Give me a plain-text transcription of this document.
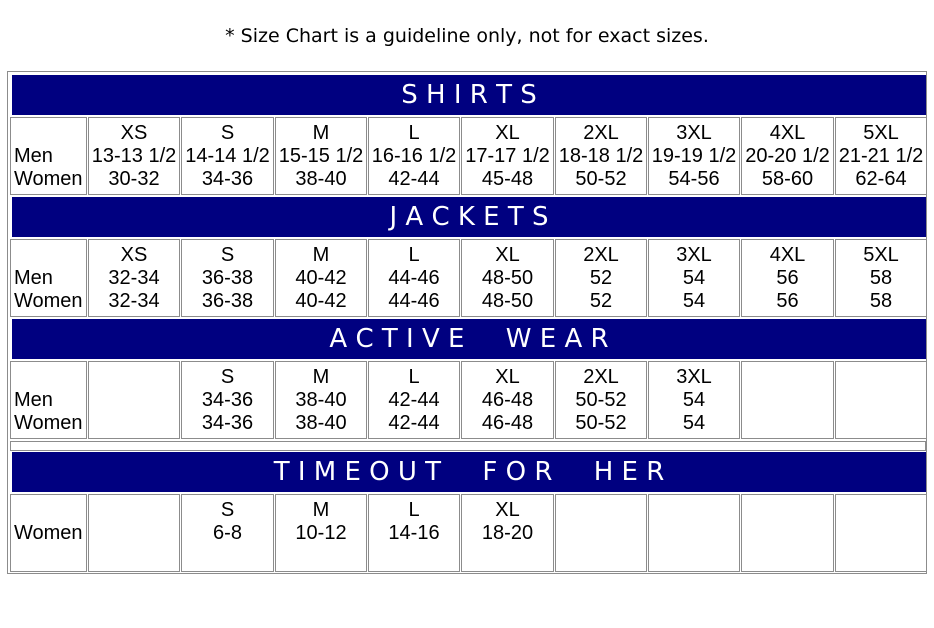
* Size Chart is a guideline only, not for exact sizes.
S H I R T S
Men
Women
XS
13-13 1/2
30-32
S
14-14 1/2
34-36
M
15-15 1/2
38-40
L
16-16 1/2
42-44
XL
17-17 1/2
45-48
2XL
18-18 1/2
50-52
3XL
19-19 1/2
54-56
4XL
20-20 1/2
58-60
5XL
21-21 1/2
62-64
J A C K E T S
Men
Women
XS
32-34
32-34
S
36-38
36-38
M
40-42
40-42
L
44-46
44-46
XL
48-50
48-50
2XL
52
52
3XL
54
54
4XL
56
56
5XL
58
58
A C T I V E     W E A R
Men
Women
S
34-36
34-36
M
38-40
38-40
L
42-44
42-44
XL
46-48
46-48
2XL
50-52
50-52
3XL
54
54
T I M E O U T     F O R     H E R
Women
S
6-8
M
10-12
L
14-16
XL
18-20
